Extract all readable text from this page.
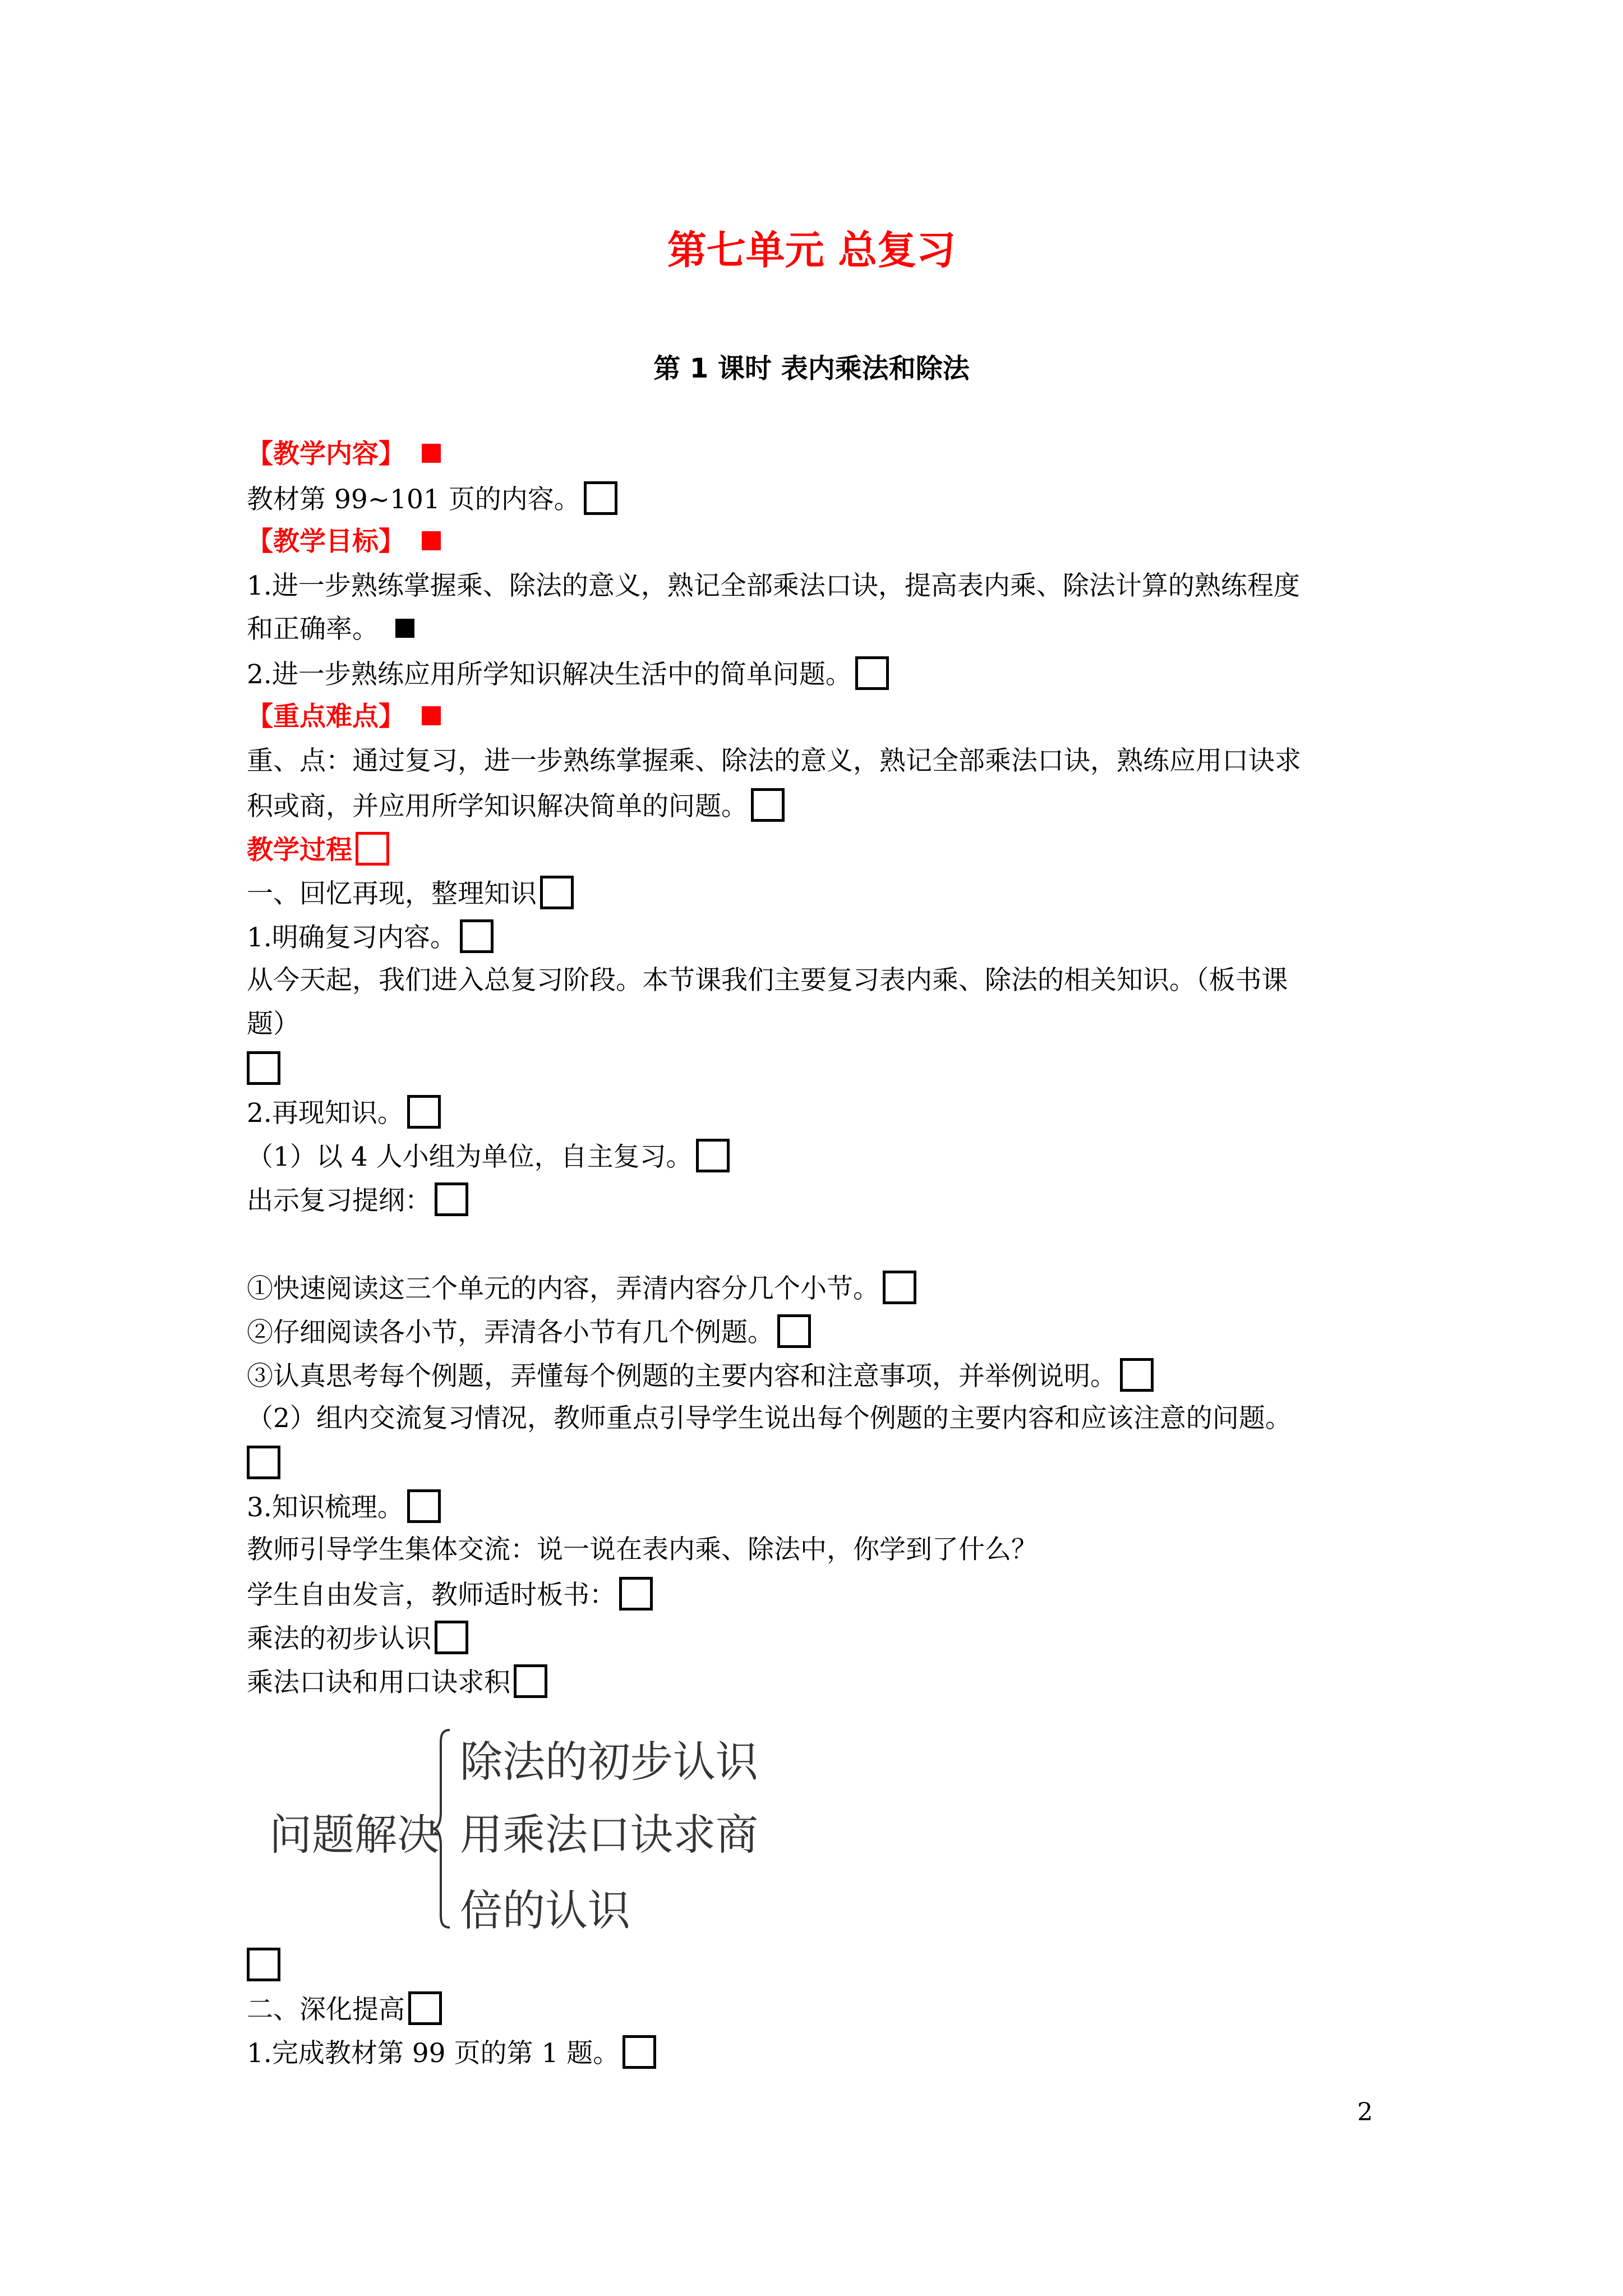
第七单元 总复习
第 1 课时 表内乘法和除法
【教学内容】
教材第 99~101 页的内容。
【教学目标】
1.进一步熟练掌握乘、除法的意义，熟记全部乘法口诀，提高表内乘、除法计算的熟练程度
和正确率。
2.进一步熟练应用所学知识解决生活中的简单问题。
【重点难点】
重、点：通过复习，进一步熟练掌握乘、除法的意义，熟记全部乘法口诀，熟练应用口诀求
积或商，并应用所学知识解决简单的问题。
教学过程
一、回忆再现，整理知识
1.明确复习内容。
从今天起，我们进入总复习阶段。本节课我们主要复习表内乘、除法的相关知识。（板书课
题）
2.再现知识。
（1）以 4 人小组为单位，自主复习。
出示复习提纲：
①快速阅读这三个单元的内容，弄清内容分几个小节。
②仔细阅读各小节，弄清各小节有几个例题。
③认真思考每个例题，弄懂每个例题的主要内容和注意事项，并举例说明。
（2）组内交流复习情况，教师重点引导学生说出每个例题的主要内容和应该注意的问题。
3.知识梳理。
教师引导学生集体交流：说一说在表内乘、除法中，你学到了什么？
学生自由发言，教师适时板书：
乘法的初步认识
乘法口诀和用口诀求积
问题解决
除法的初步认识
用乘法口诀求商
倍的认识
二、深化提高
1.完成教材第 99 页的第 1 题。
2
